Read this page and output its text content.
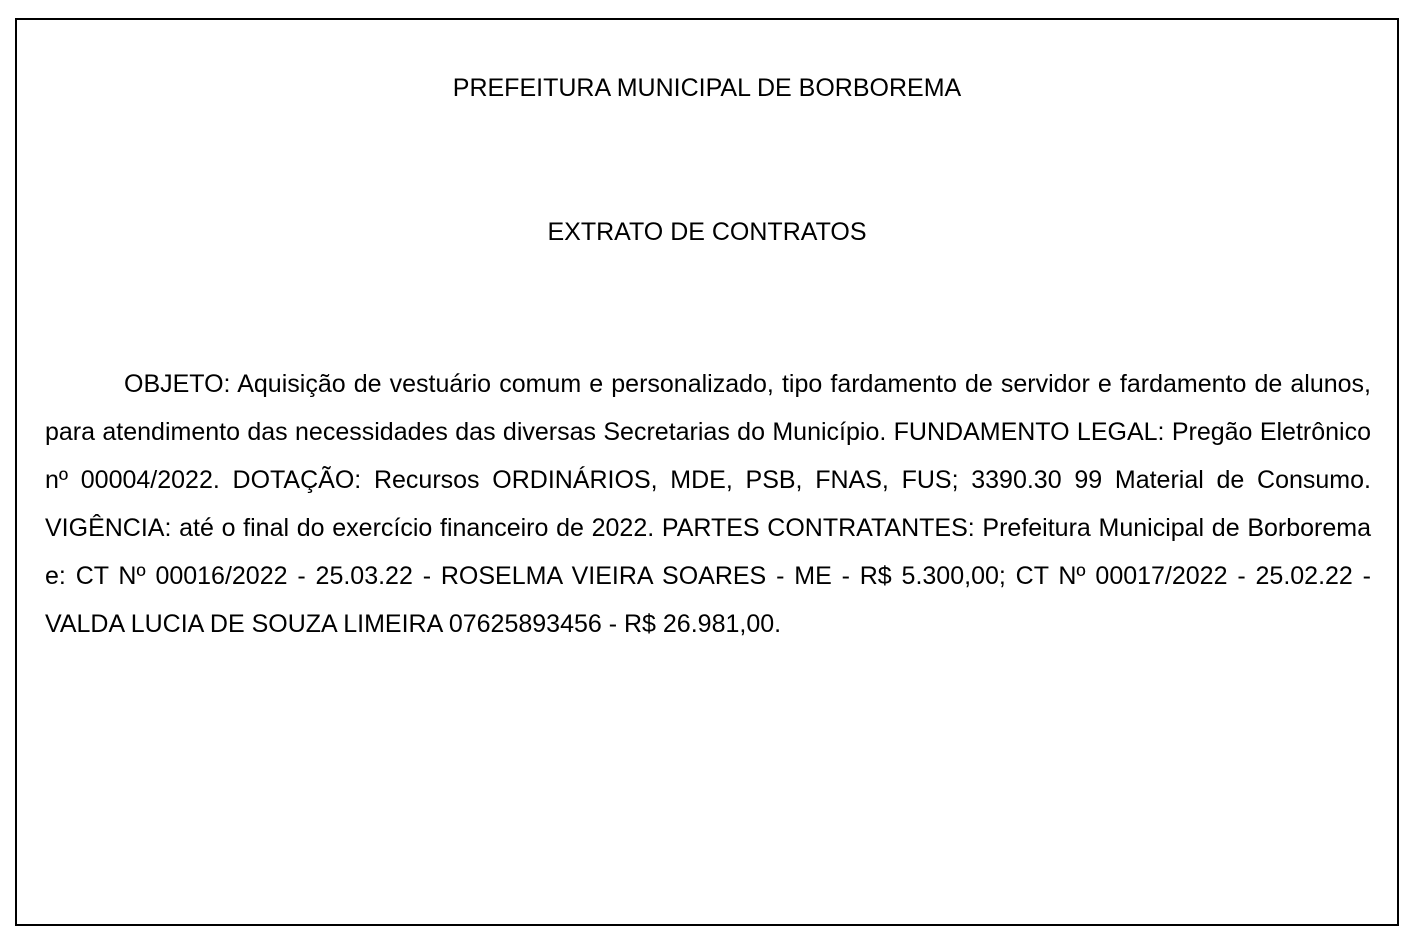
PREFEITURA MUNICIPAL DE BORBOREMA
EXTRATO DE CONTRATOS

OBJETO: Aquisição de vestuário comum e personalizado, tipo fardamento de servidor e fardamento de alunos, para atendimento das necessidades das diversas Secretarias do Município. FUNDAMENTO LEGAL: Pregão Eletrônico nº 00004/2022. DOTAÇÃO: Recursos ORDINÁRIOS, MDE, PSB, FNAS, FUS; 3390.30 99 Material de Consumo. VIGÊNCIA: até o final do exercício financeiro de 2022. PARTES CONTRATANTES: Prefeitura Municipal de Borborema e: CT Nº 00016/2022 - 25.03.22 - ROSELMA VIEIRA SOARES - ME - R$ 5.300,00; CT Nº 00017/2022 - 25.02.22 - VALDA LUCIA DE SOUZA LIMEIRA 07625893456 - R$ 26.981,00.
